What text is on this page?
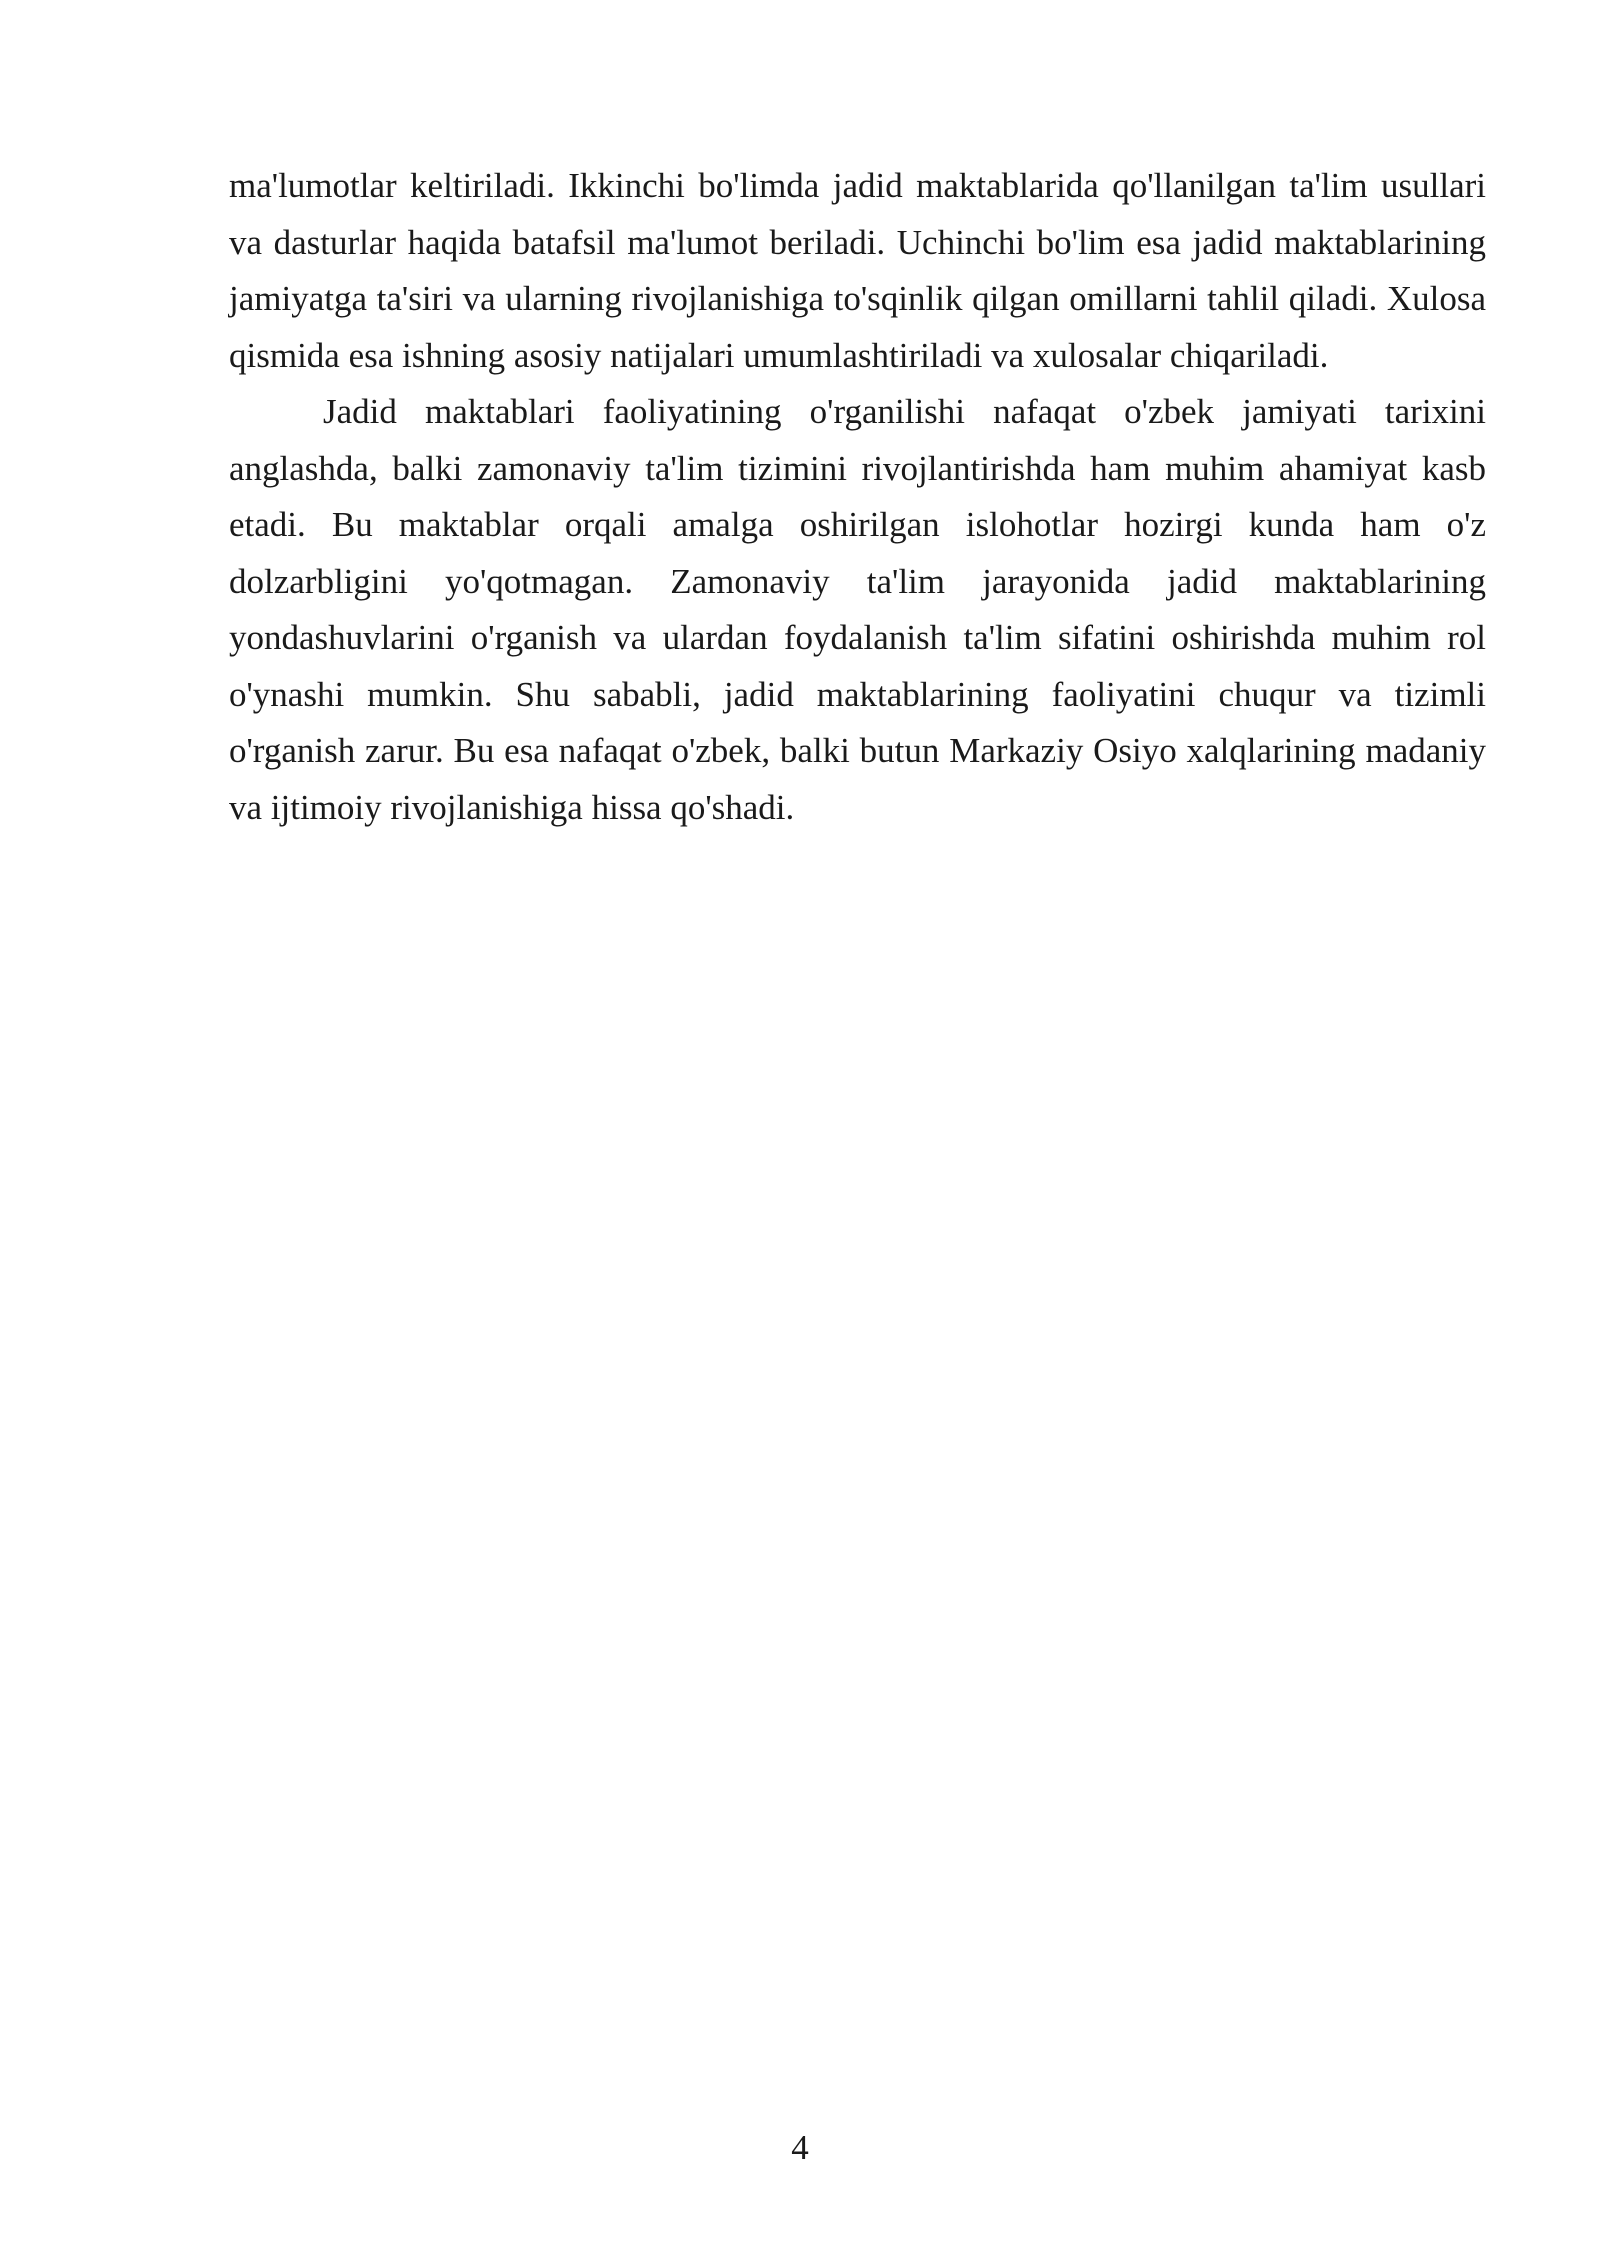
ma'lumotlar keltiriladi. Ikkinchi bo'limda jadid maktablarida qo'llanilgan ta'lim usullari va dasturlar haqida batafsil ma'lumot beriladi. Uchinchi bo'lim esa jadid maktablarining jamiyatga ta'siri va ularning rivojlanishiga to'sqinlik qilgan omillarni tahlil qiladi. Xulosa qismida esa ishning asosiy natijalari umumlashtiriladi va xulosalar chiqariladi.

Jadid maktablari faoliyatining o'rganilishi nafaqat o'zbek jamiyati tarixini anglashda, balki zamonaviy ta'lim tizimini rivojlantirishda ham muhim ahamiyat kasb etadi. Bu maktablar orqali amalga oshirilgan islohotlar hozirgi kunda ham o'z dolzarbligini yo'qotmagan. Zamonaviy ta'lim jarayonida jadid maktablarining yondashuvlarini o'rganish va ulardan foydalanish ta'lim sifatini oshirishda muhim rol o'ynashi mumkin. Shu sababli, jadid maktablarining faoliyatini chuqur va tizimli o'rganish zarur. Bu esa nafaqat o'zbek, balki butun Markaziy Osiyo xalqlarining madaniy va ijtimoiy rivojlanishiga hissa qo'shadi.

4
